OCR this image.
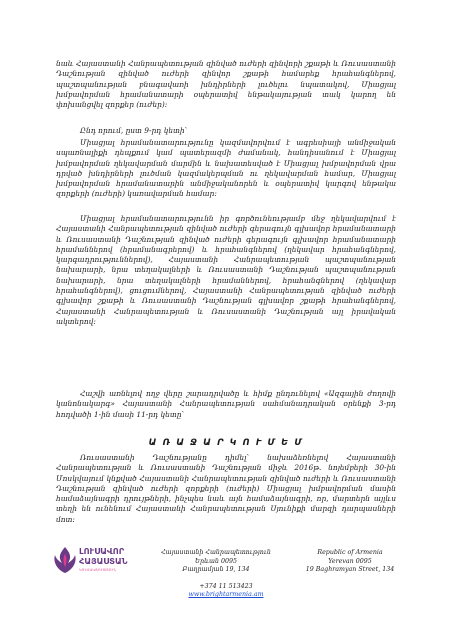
նաև Հայաստանի Հանրապետության զինված ուժերի զինվորի շքաթի և Ռուսաստանի Դաշնության զինված ուժերի զինվոր շքաթի համարեք հրահանգներով, պաշտպանության բնագավառի խնդիրների լուծելու նպատակով, Միացյալ խմբավորման հրամանատարի օպերատիվ ենթակայության տակ կարող են փոխանցվել զորքեր (ուժեր):

Ընդ որում, ըստ 9-րդ կետի՝

Միացյալ հրամանատարությունը կազմավորվում է ագրեսիայի անմիջական սպառնալիքի դեպքում կամ պատերազմի ժամանակ, հանդիսանում է Միացյալ խմբավորման ղեկավարման մարմին և նախատեսված է Միացյալ խմբավորման վրա դրված խնդիրների լուծման կազմակերպման ու ղեկավարման համար, Միացյալ խմբավորման հրամանատարին անմիջականորեն և օպերատիվ կարգով ենթակա զորքերի (ուժերի) կառավարման համար:

Միացյալ հրամանատարությունն իր գործունեությամբ մեջ ղեկավարվում է Հայաստանի Հանրապետության զինված ուժերի գերագույն գլխավոր հրամանատարի և Ռուսաստանի Դաշնության զինված ուժերի գերագույն գլխավոր հրամանատարի հրամաններով (հրամանագրերով) և հրահանգներով (ղեկավար հրահանգներով, կարգադրություններով), Հայաստանի Հանրապետության պաշտպանության նախարարի, նրա տեղակալների և Ռուսաստանի Դաշնության պաշտպանության նախարարի, նրա տեղակալների հրամաններով, հրահանգներով (ղեկավար հրահանգներով), ցուցումներով, Հայաստանի Հանրապետության զինված ուժերի գլխավոր շքաթի և Ռուսաստանի Դաշնության գլխավոր շքաթի հրահանգներով, Հայաստանի Հանրապետության և Ռուսաստանի Դաշնության այլ իրավական ակտերով:

Հաշվի առնելով ողջ վերը շարադրվածը և հիմք ընդունելով «Ազգային ժողովի կանոնակարգ» Հայաստանի Հանրապետության սահմանադրական օրենքի 3-րդ հոդվածի 1-ին մասի 11-րդ կետը՝

Ա Ռ Ա Ջ Ա Ր Կ Ո Ւ Մ Ե Մ

Ռուսաստանի Դաշնությանը դիմել՝ նախաձեռնելով Հայաստանի Հանրապետության և Ռուսաստանի Դաշնության միջև 2016թ. նոյեմբերի 30-ին Մոսկվայում կնքված Հայաստանի Հանրապետության զինված ուժերի և Ռուսաստանի Դաշնության զինված ուժերի զորքերի (ուժերի) Միացյալ խմբավորման մասին համաձայնագրի դրույթների, ինչպես նաև այն համաձայնագրի, որ, մարտերն այլևս տեղի են ունենում Հայաստանի Հանրապետության Սյունիքի մարզի դարպասների մոտ:

ԼՈՒՍԱՎՈՐ
ՀԱՅԱՍՏԱՆ
ԿՈՒՍԱԿՑՈՒԹՅՈՒՆ
Հայաստանի Հանրապետություն
Երևան 0095
Բաղրամյան 19, 134
Republic of Armenia
Yerevan 0095
19 Baghramyan Street, 134
+374 11 513423
www.brightarmenia.am
